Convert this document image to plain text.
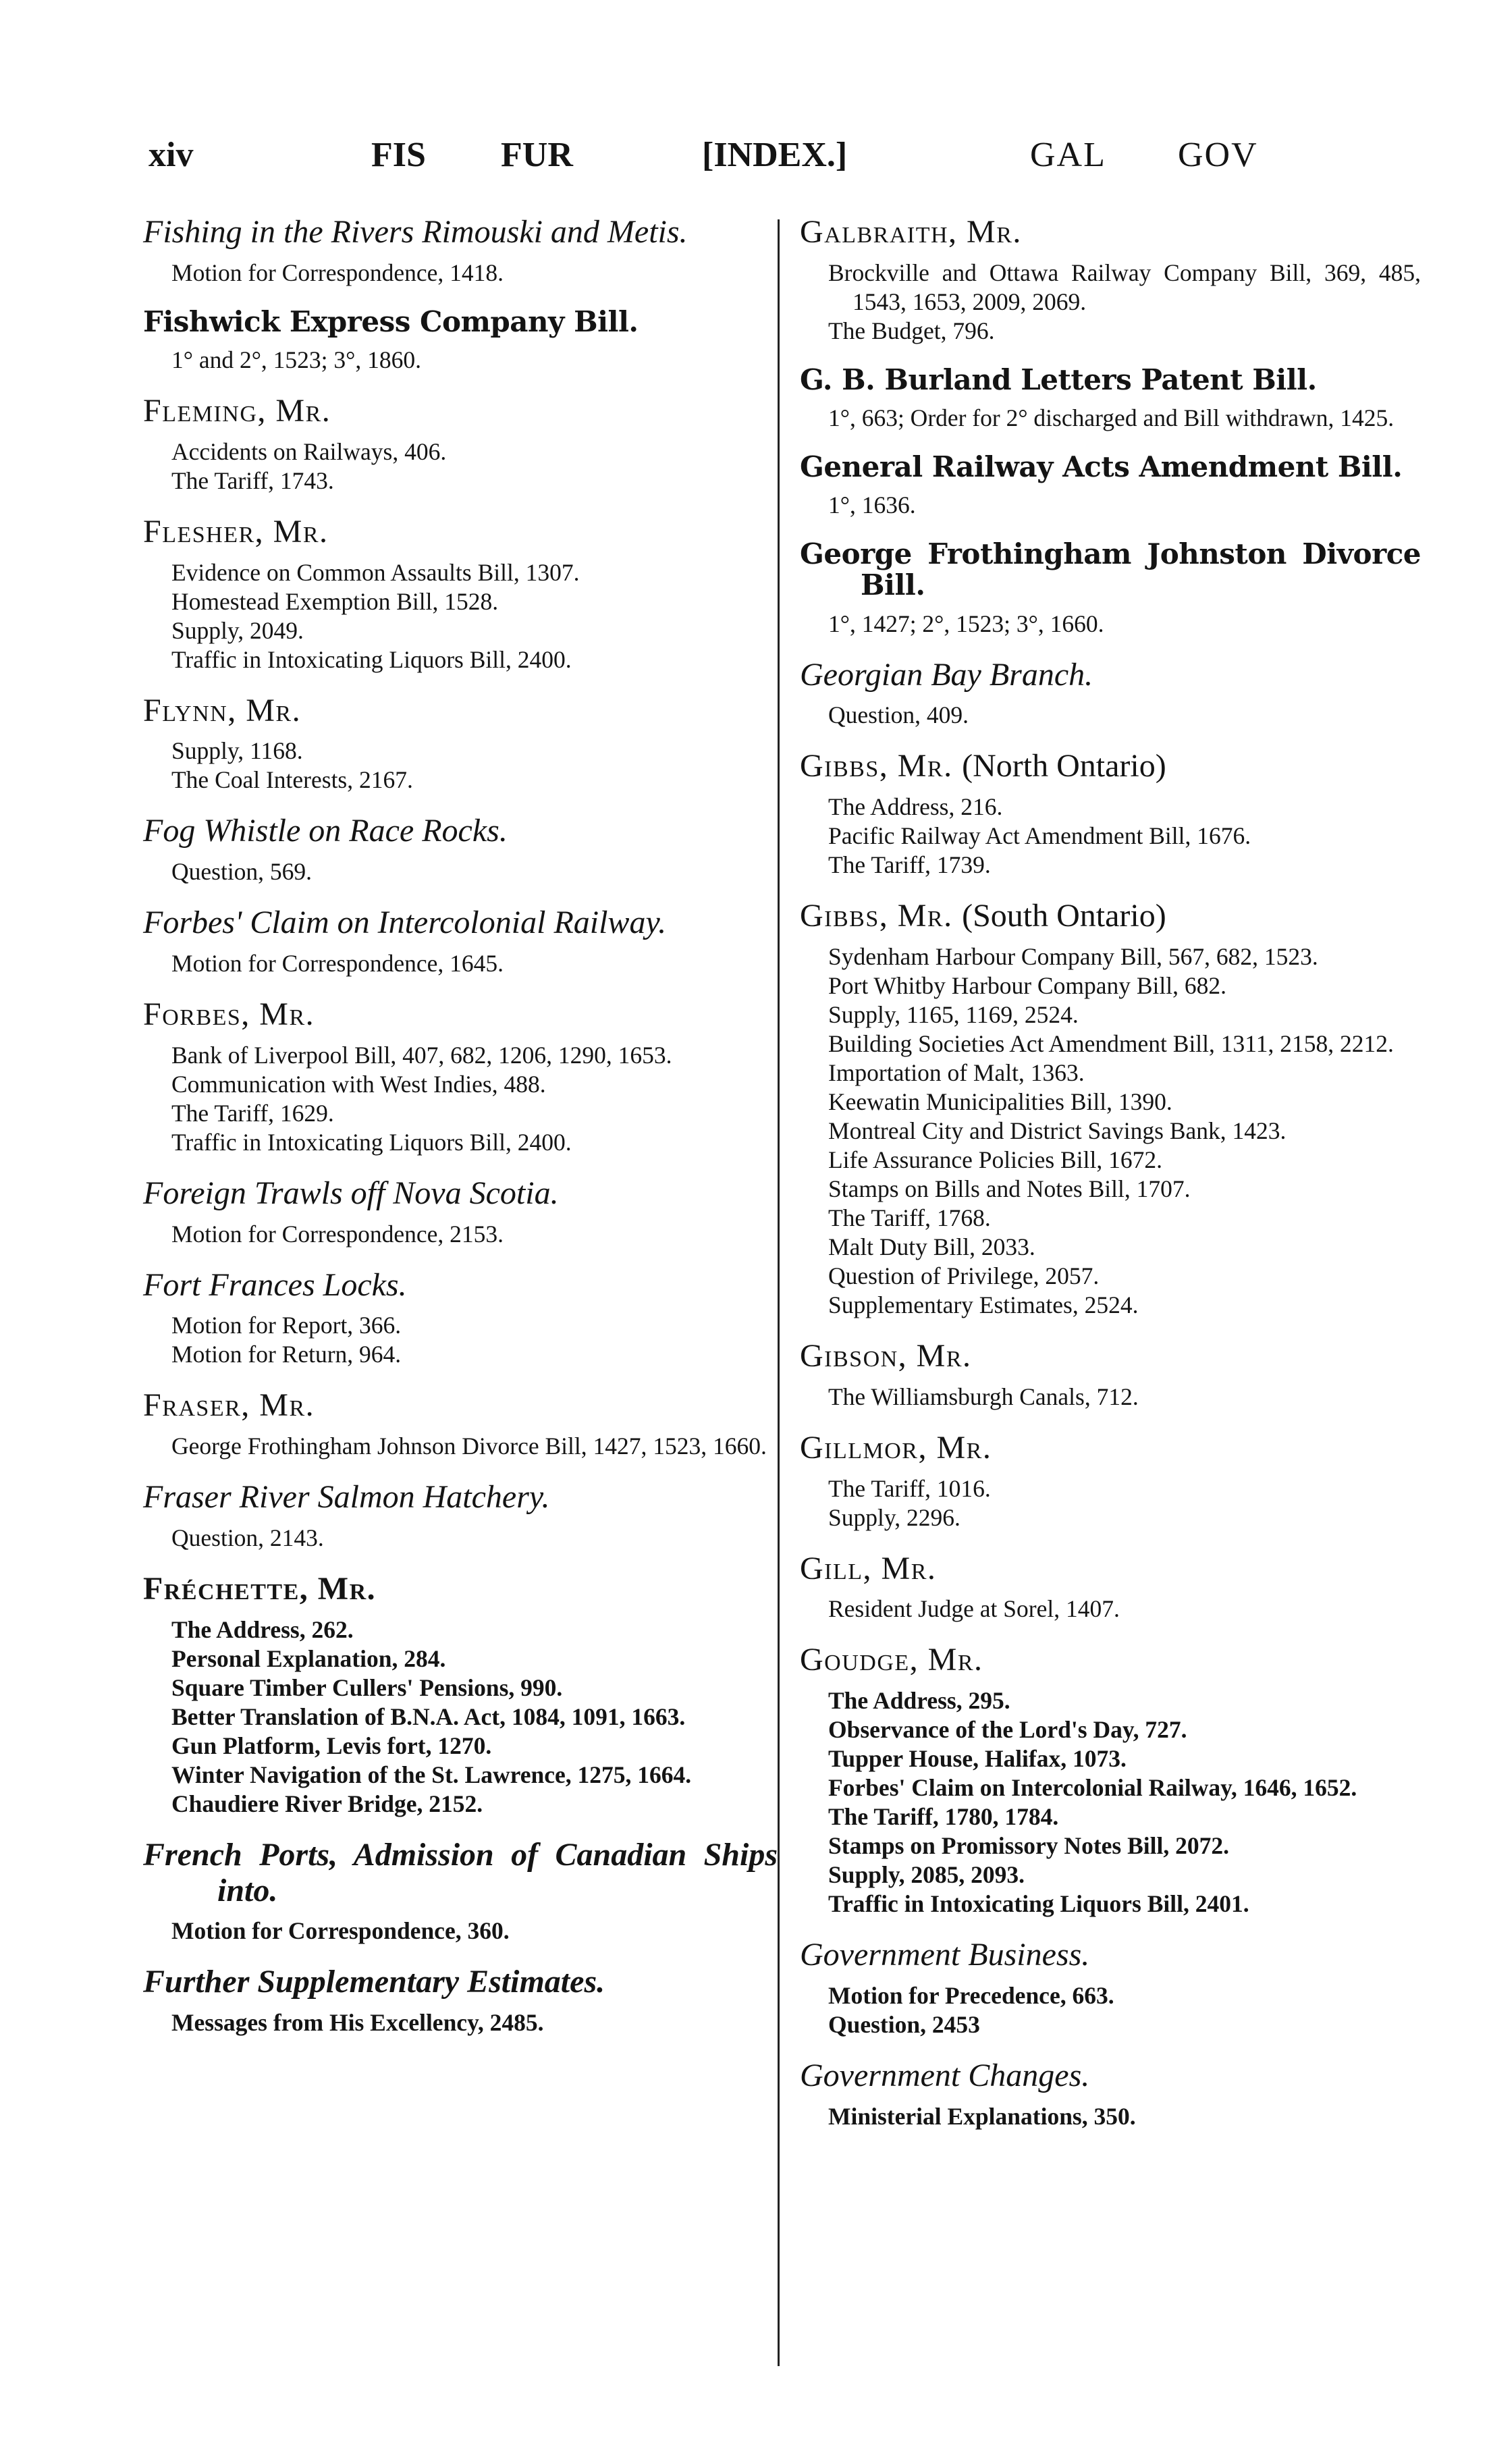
xiv	FIS FUR	[INDEX.]	GAL GOV
Fishing in the Rivers Rimouski and Metis.
Motion for Correspondence, 1418.
Fishwick Express Company Bill.
1° and 2°, 1523; 3°, 1860.
Fleming, Mr.
Accidents on Railways, 406.
The Tariff, 1743.
Flesher, Mr.
Evidence on Common Assaults Bill, 1307.
Homestead Exemption Bill, 1528.
Supply, 2049.
Traffic in Intoxicating Liquors Bill, 2400.
Flynn, Mr.
Supply, 1168.
The Coal Interests, 2167.
Fog Whistle on Race Rocks.
Question, 569.
Forbes' Claim on Intercolonial Railway.
Motion for Correspondence, 1645.
Forbes, Mr.
Bank of Liverpool Bill, 407, 682, 1206, 1290, 1653.
Communication with West Indies, 488.
The Tariff, 1629.
Traffic in Intoxicating Liquors Bill, 2400.
Foreign Trawls off Nova Scotia.
Motion for Correspondence, 2153.
Fort Frances Locks.
Motion for Report, 366.
Motion for Return, 964.
Fraser, Mr.
George Frothingham Johnson Divorce Bill, 1427, 1523, 1660.
Fraser River Salmon Hatchery.
Question, 2143.
Fréchette, Mr.
The Address, 262.
Personal Explanation, 284.
Square Timber Cullers' Pensions, 990.
Better Translation of B.N.A. Act, 1084, 1091, 1663.
Gun Platform, Levis fort, 1270.
Winter Navigation of the St. Lawrence, 1275, 1664.
Chaudiere River Bridge, 2152.
French Ports, Admission of Canadian Ships into.
Motion for Correspondence, 360.
Further Supplementary Estimates.
Messages from His Excellency, 2485.
Galbraith, Mr.
Brockville and Ottawa Railway Company Bill, 369, 485, 1543, 1653, 2009, 2069.
The Budget, 796.
G. B. Burland Letters Patent Bill.
1°, 663; Order for 2° discharged and Bill withdrawn, 1425.
General Railway Acts Amendment Bill.
1°, 1636.
George Frothingham Johnston Divorce Bill.
1°, 1427; 2°, 1523; 3°, 1660.
Georgian Bay Branch.
Question, 409.
Gibbs, Mr. (North Ontario)
The Address, 216.
Pacific Railway Act Amendment Bill, 1676.
The Tariff, 1739.
Gibbs, Mr. (South Ontario)
Sydenham Harbour Company Bill, 567, 682, 1523.
Port Whitby Harbour Company Bill, 682.
Supply, 1165, 1169, 2524.
Building Societies Act Amendment Bill, 1311, 2158, 2212.
Importation of Malt, 1363.
Keewatin Municipalities Bill, 1390.
Montreal City and District Savings Bank, 1423.
Life Assurance Policies Bill, 1672.
Stamps on Bills and Notes Bill, 1707.
The Tariff, 1768.
Malt Duty Bill, 2033.
Question of Privilege, 2057.
Supplementary Estimates, 2524.
Gibson, Mr.
The Williamsburgh Canals, 712.
Gillmor, Mr.
The Tariff, 1016.
Supply, 2296.
Gill, Mr.
Resident Judge at Sorel, 1407.
Goudge, Mr.
The Address, 295.
Observance of the Lord's Day, 727.
Tupper House, Halifax, 1073.
Forbes' Claim on Intercolonial Railway, 1646, 1652.
The Tariff, 1780, 1784.
Stamps on Promissory Notes Bill, 2072.
Supply, 2085, 2093.
Traffic in Intoxicating Liquors Bill, 2401.
Government Business.
Motion for Precedence, 663.
Question, 2453
Government Changes.
Ministerial Explanations, 350.
